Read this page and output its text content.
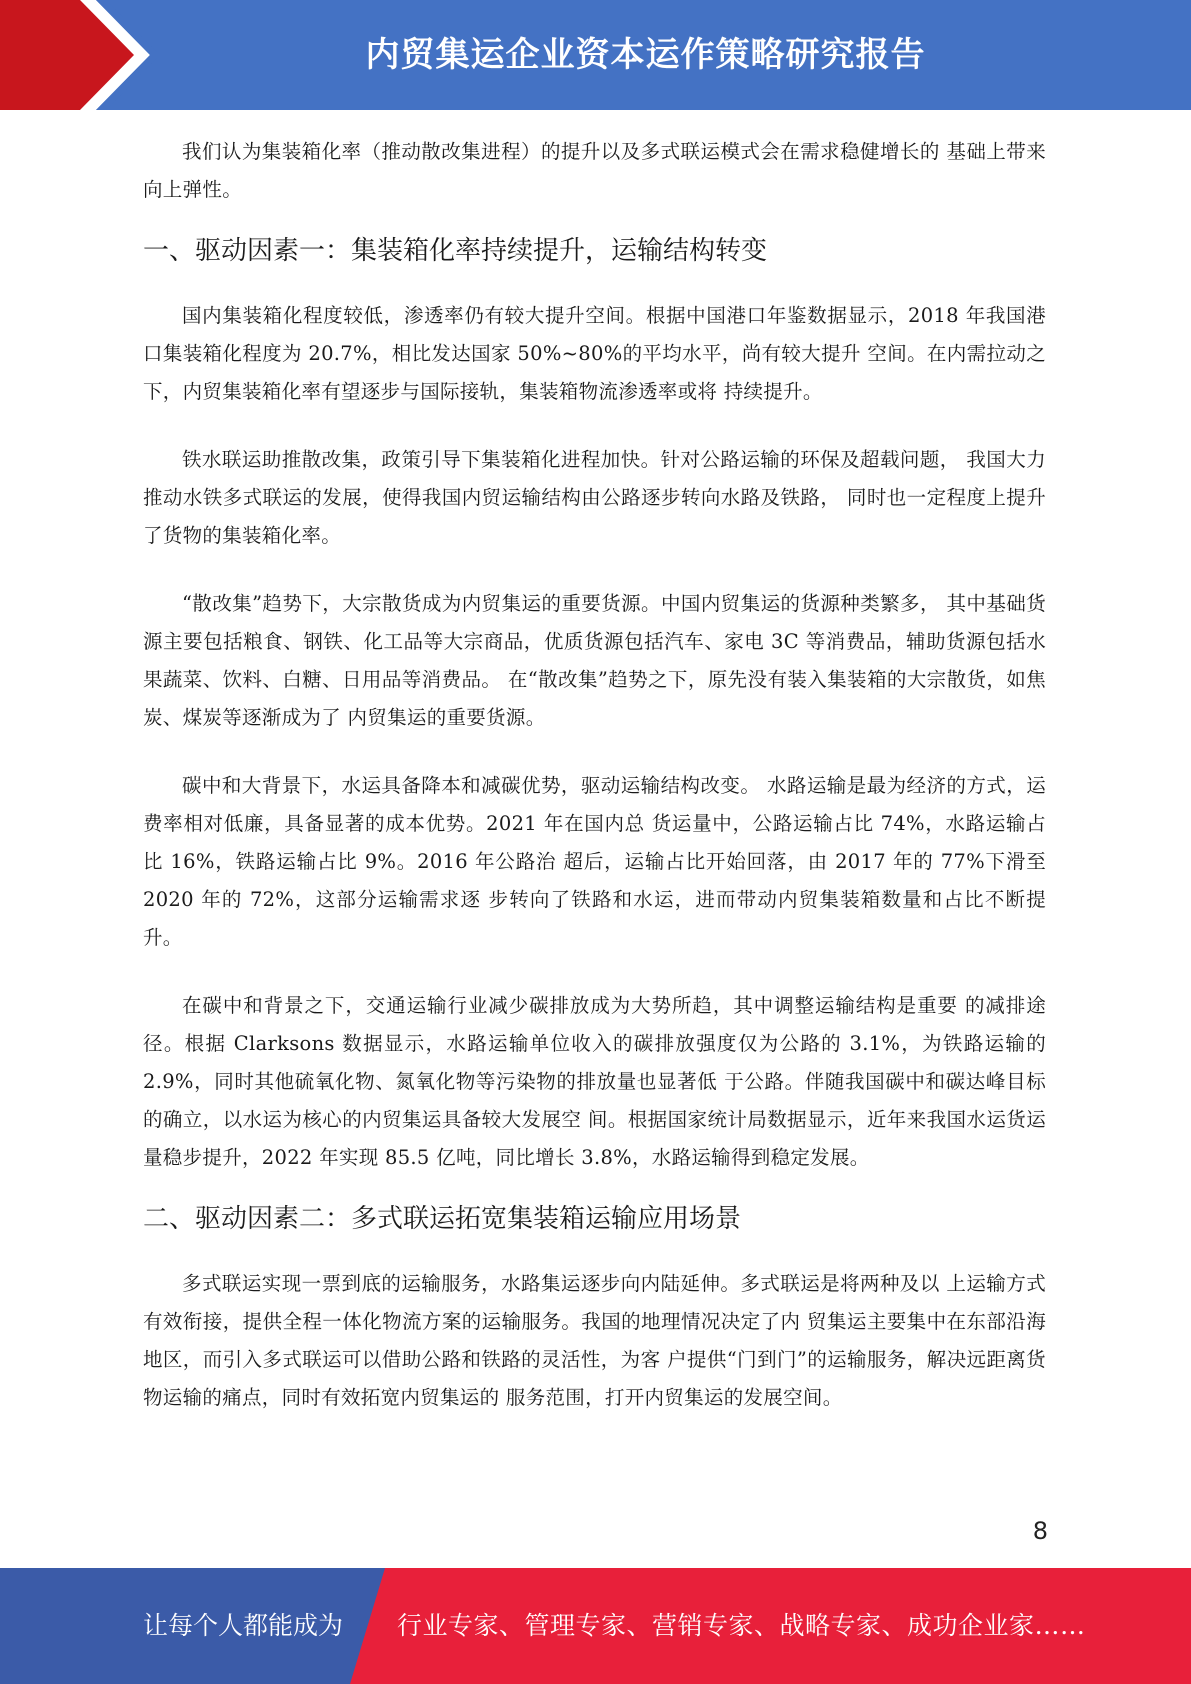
内贸集运企业资本运作策略研究报告

我们认为集装箱化率（推动散改集进程）的提升以及多式联运模式会在需求稳健增长的 基础上带来向上弹性。

一、驱动因素一：集装箱化率持续提升，运输结构转变

国内集装箱化程度较低，渗透率仍有较大提升空间。根据中国港口年鉴数据显示，2018 年我国港口集装箱化程度为 20.7%，相比发达国家 50%~80%的平均水平，尚有较大提升 空间。在内需拉动之下，内贸集装箱化率有望逐步与国际接轨，集装箱物流渗透率或将 持续提升。

铁水联运助推散改集，政策引导下集装箱化进程加快。针对公路运输的环保及超载问题， 我国大力推动水铁多式联运的发展，使得我国内贸运输结构由公路逐步转向水路及铁路， 同时也一定程度上提升了货物的集装箱化率。

“散改集”趋势下，大宗散货成为内贸集运的重要货源。中国内贸集运的货源种类繁多， 其中基础货源主要包括粮食、钢铁、化工品等大宗商品，优质货源包括汽车、家电 3C 等消费品，辅助货源包括水果蔬菜、饮料、白糖、日用品等消费品。 在“散改集”趋势之下，原先没有装入集装箱的大宗散货，如焦炭、煤炭等逐渐成为了 内贸集运的重要货源。

碳中和大背景下，水运具备降本和减碳优势，驱动运输结构改变。 水路运输是最为经济的方式，运费率相对低廉，具备显著的成本优势。2021 年在国内总 货运量中，公路运输占比 74%，水路运输占比 16%，铁路运输占比 9%。2016 年公路治 超后，运输占比开始回落，由 2017 年的 77%下滑至 2020 年的 72%，这部分运输需求逐 步转向了铁路和水运，进而带动内贸集装箱数量和占比不断提升。

在碳中和背景之下，交通运输行业减少碳排放成为大势所趋，其中调整运输结构是重要 的减排途径。根据 Clarksons 数据显示，水路运输单位收入的碳排放强度仅为公路的 3.1%，为铁路运输的 2.9%，同时其他硫氧化物、氮氧化物等污染物的排放量也显著低 于公路。伴随我国碳中和碳达峰目标的确立，以水运为核心的内贸集运具备较大发展空 间。根据国家统计局数据显示，近年来我国水运货运量稳步提升，2022 年实现 85.5 亿吨，同比增长 3.8%，水路运输得到稳定发展。

二、驱动因素二：多式联运拓宽集装箱运输应用场景

多式联运实现一票到底的运输服务，水路集运逐步向内陆延伸。多式联运是将两种及以 上运输方式有效衔接，提供全程一体化物流方案的运输服务。我国的地理情况决定了内 贸集运主要集中在东部沿海地区，而引入多式联运可以借助公路和铁路的灵活性，为客 户提供“门到门”的运输服务，解决远距离货物运输的痛点，同时有效拓宽内贸集运的 服务范围，打开内贸集运的发展空间。

8
让每个人都能成为 行业专家、管理专家、营销专家、战略专家、成功企业家……
